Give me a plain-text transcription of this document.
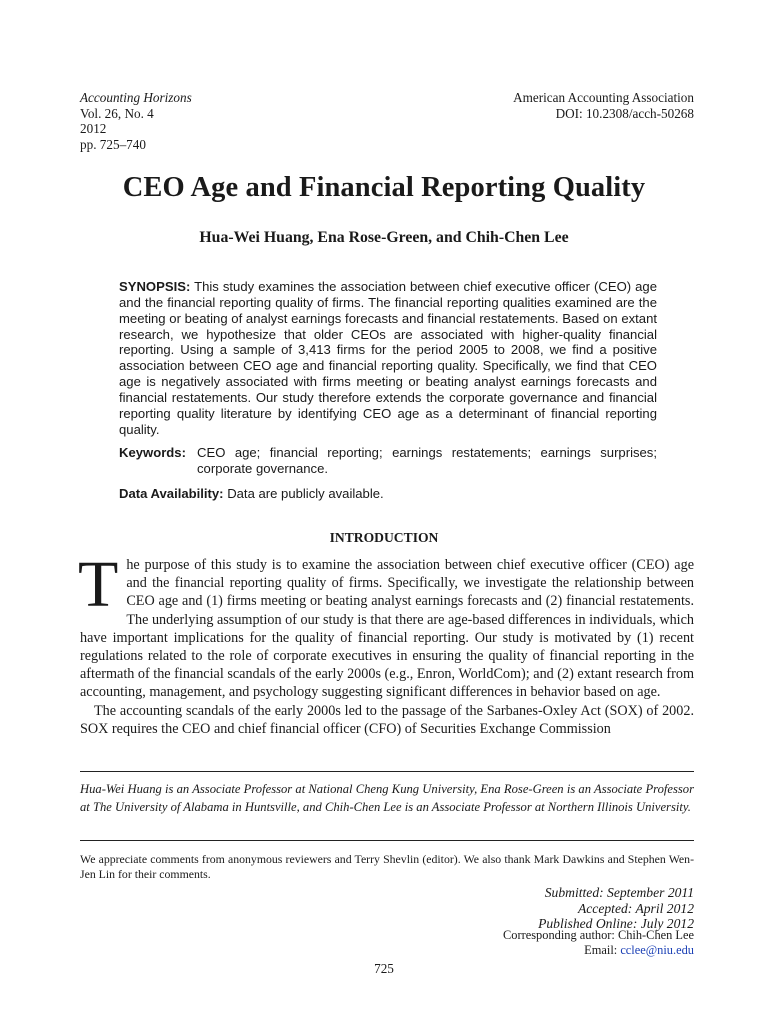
Accounting Horizons
Vol. 26, No. 4
2012
pp. 725–740
American Accounting Association
DOI: 10.2308/acch-50268
CEO Age and Financial Reporting Quality
Hua-Wei Huang, Ena Rose-Green, and Chih-Chen Lee
SYNOPSIS: This study examines the association between chief executive officer (CEO) age and the financial reporting quality of firms. The financial reporting qualities examined are the meeting or beating of analyst earnings forecasts and financial restatements. Based on extant research, we hypothesize that older CEOs are associated with higher-quality financial reporting. Using a sample of 3,413 firms for the period 2005 to 2008, we find a positive association between CEO age and financial reporting quality. Specifically, we find that CEO age is negatively associated with firms meeting or beating analyst earnings forecasts and financial restatements. Our study therefore extends the corporate governance and financial reporting quality literature by identifying CEO age as a determinant of financial reporting quality.
Keywords: CEO age; financial reporting; earnings restatements; earnings surprises; corporate governance.
Data Availability: Data are publicly available.
INTRODUCTION

The purpose of this study is to examine the association between chief executive officer (CEO) age and the financial reporting quality of firms. Specifically, we investigate the relationship between CEO age and (1) firms meeting or beating analyst earnings forecasts and (2) financial restatements. The underlying assumption of our study is that there are age-based differences in individuals, which have important implications for the quality of financial reporting. Our study is motivated by (1) recent regulations related to the role of corporate executives in ensuring the quality of financial reporting in the aftermath of the financial scandals of the early 2000s (e.g., Enron, WorldCom); and (2) extant research from accounting, management, and psychology suggesting significant differences in behavior based on age.

The accounting scandals of the early 2000s led to the passage of the Sarbanes-Oxley Act (SOX) of 2002. SOX requires the CEO and chief financial officer (CFO) of Securities Exchange Commission

Hua-Wei Huang is an Associate Professor at National Cheng Kung University, Ena Rose-Green is an Associate Professor at The University of Alabama in Huntsville, and Chih-Chen Lee is an Associate Professor at Northern Illinois University.
We appreciate comments from anonymous reviewers and Terry Shevlin (editor). We also thank Mark Dawkins and Stephen Wen-Jen Lin for their comments.
Submitted: September 2011
Accepted: April 2012
Published Online: July 2012
Corresponding author: Chih-Chen Lee
Email: cclee@niu.edu
725
